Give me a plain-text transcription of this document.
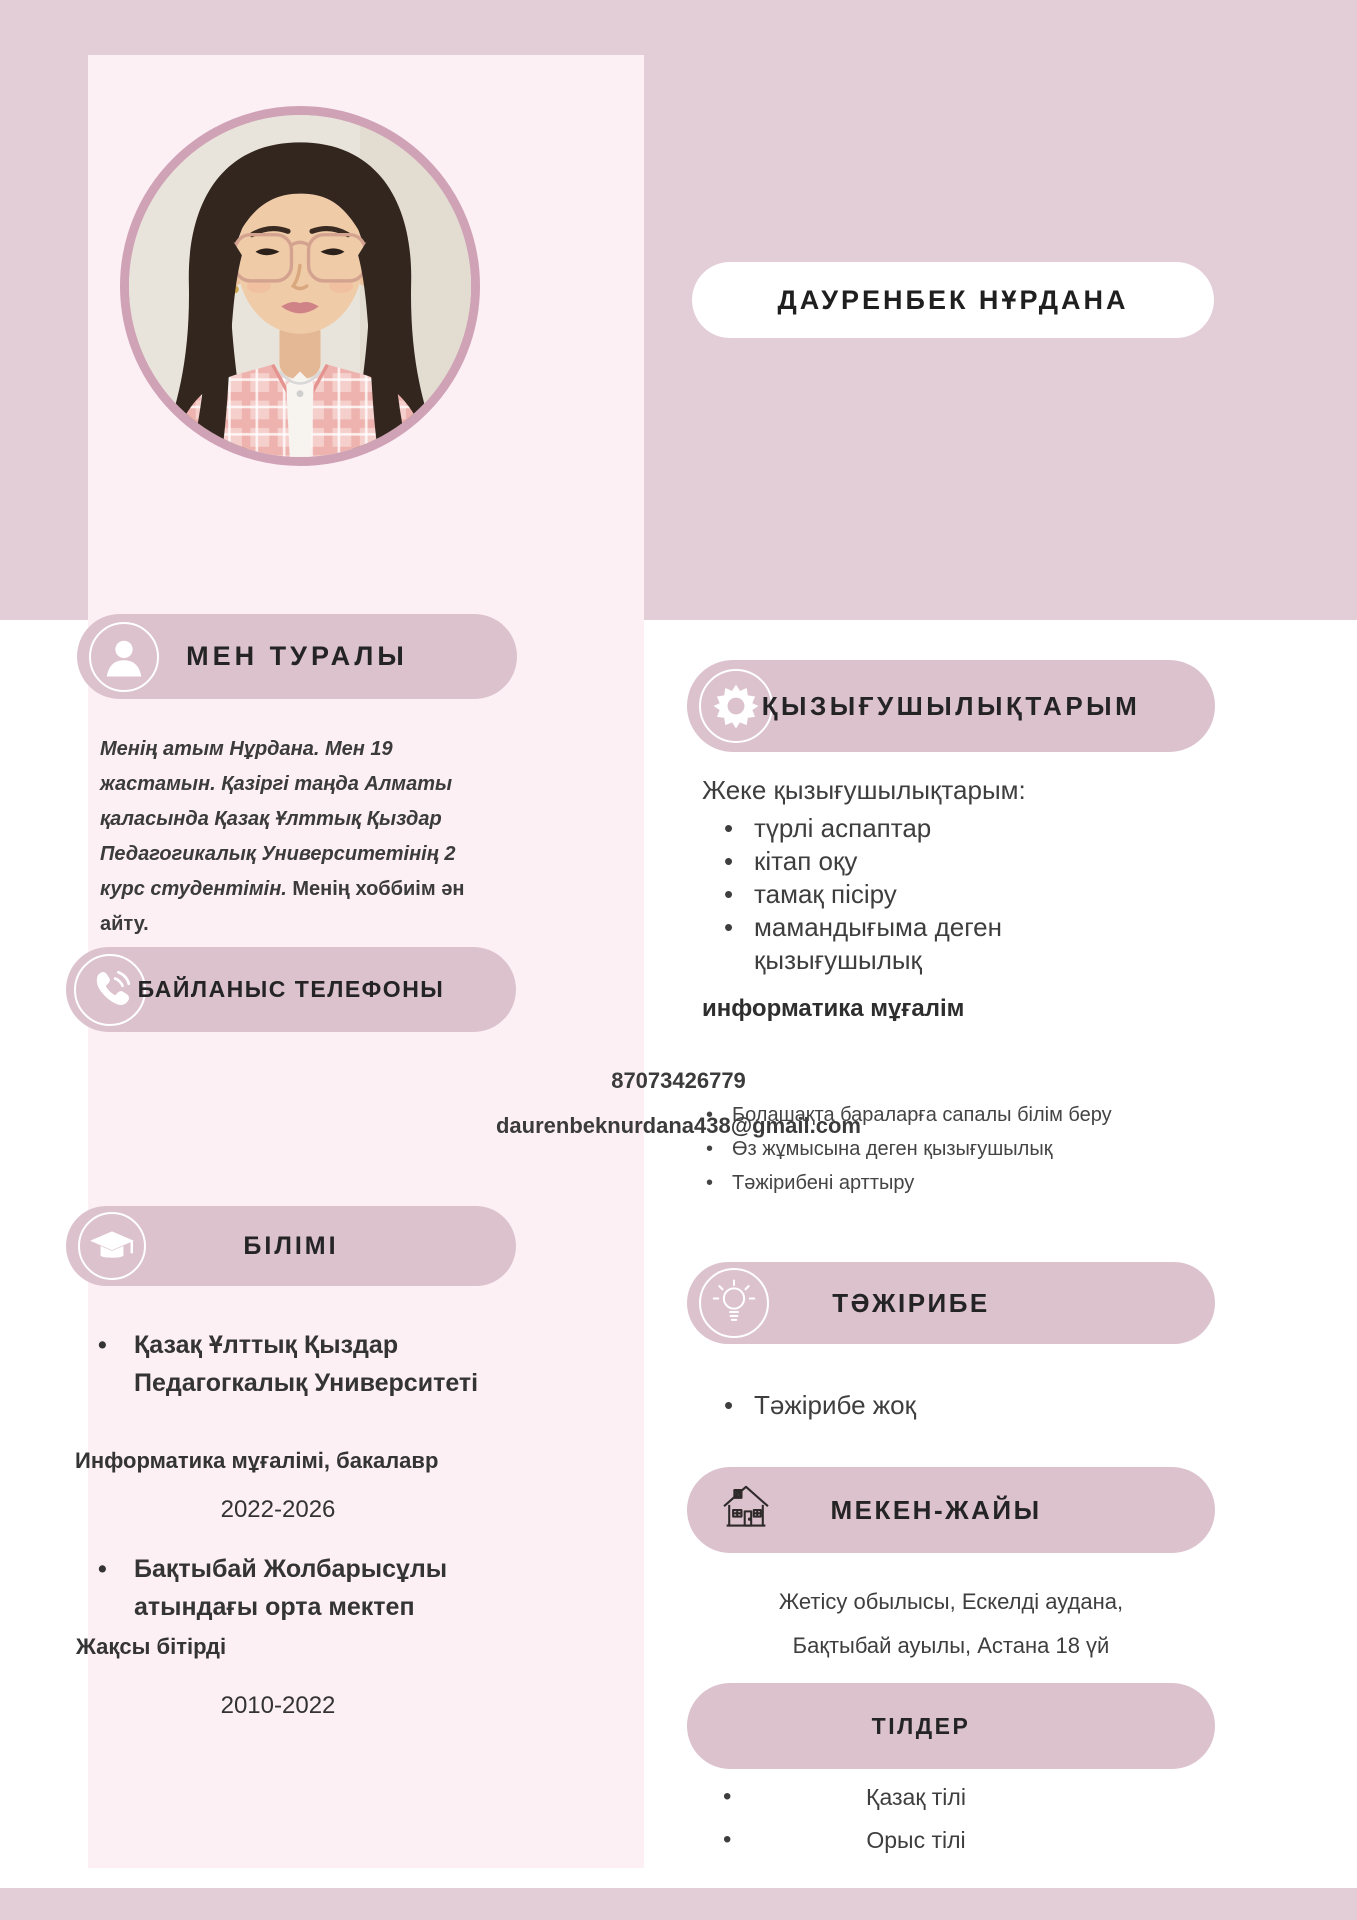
ДАУРЕНБЕК НҰРДАНА
МЕН ТУРАЛЫ
Менің атым Нұрдана. Мен 19 жастамын. Қазіргі таңда Алматы қаласында Қазақ Ұлттық Қыздар Педагогикалық Университетінің 2 курс студентімін. Менің хоббиім ән айту.
БАЙЛАНЫС ТЕЛЕФОНЫ
87073426779
daurenbeknurdana438@gmail.com
БІЛІМІ
• Қазақ Ұлттық Қыздар Педагогкалық Университеті
Информатика мұғалімі, бакалавр
2022-2026
• Бақтыбай Жолбарысұлы атындағы орта мектеп
Жақсы бітірді
2010-2022
ҚЫЗЫҒУШЫЛЫҚТАРЫМ
Жеке қызығушылықтарым:
• түрлі аспаптар
• кітап оқу
• тамақ пісіру
• мамандығыма деген қызығушылық
информатика мұғалім
• Болашақта бараларға сапалы білім беру
• Өз жұмысына деген қызығушылық
• Тәжірибені арттыру
ТӘЖІРИБЕ
• Тәжірибе жоқ
МЕКЕН-ЖАЙЫ
Жетісу обылысы, Ескелді аудана,
Бақтыбай ауылы, Астана 18 үй
ТІЛДЕР
• Қазақ тілі
• Орыс тілі
